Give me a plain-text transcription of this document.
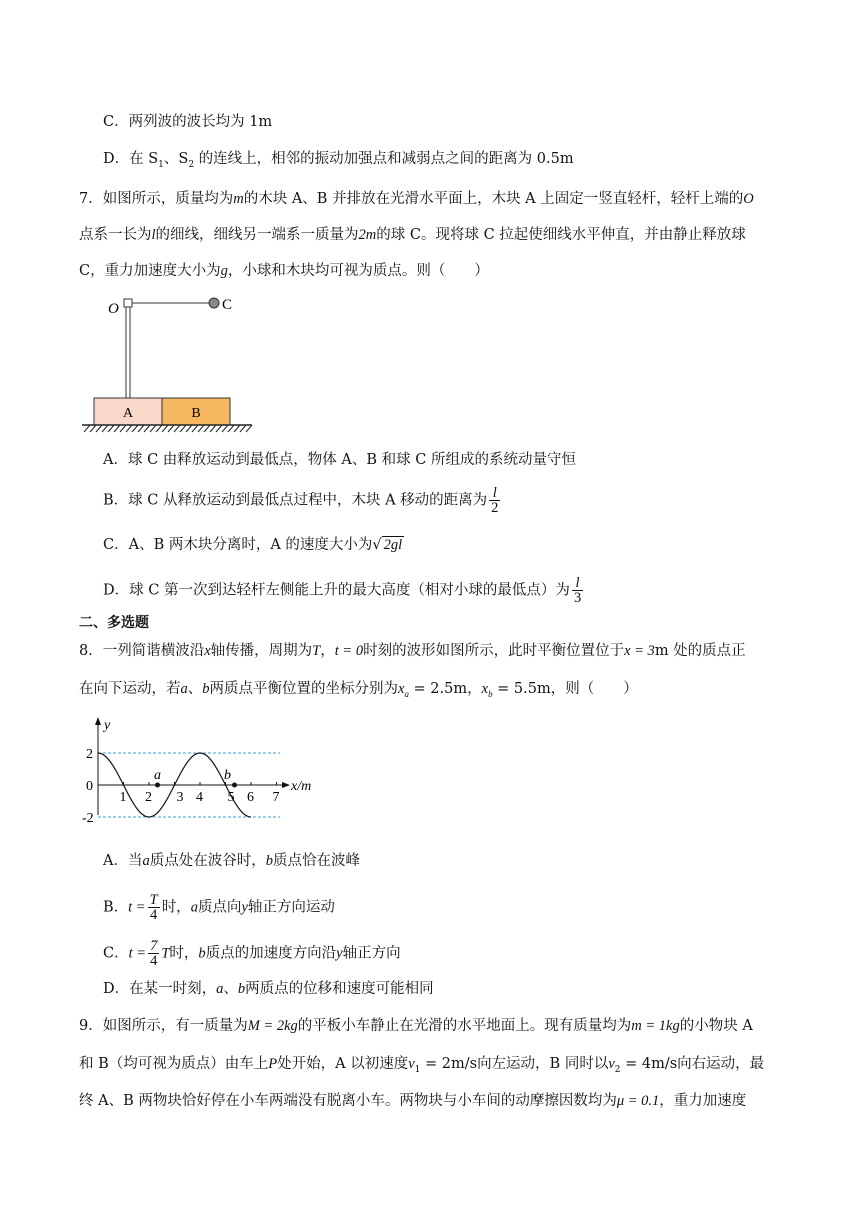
C．两列波的波长均为 1m
D．在 $S_1$、$S_2$ 的连线上，相邻的振动加强点和减弱点之间的距离为 0.5m
7．如图所示，质量均为m的木块 A、B 并排放在光滑水平面上，木块 A 上固定一竖直轻杆，轻杆上端的O
点系一长为l的细线，细线另一端系一质量为2m的球 C。现将球 C 拉起使细线水平伸直，并由静止释放球
C，重力加速度大小为g，小球和木块均可视为质点。则（　　）
A	B
O	C
A．球 C 由释放运动到最低点，物体 A、B 和球 C 所组成的系统动量守恒
B．球 C 从释放运动到最低点过程中，木块 A 移动的距离为 $\frac{l}{2}$
C．A、B 两木块分离时，A 的速度大小为√ 2gl
D．球 C 第一次到达轻杆左侧能上升的最大高度（相对小球的最低点）为 $\frac{l}{3}$
二、多选题
8．一列简谐横波沿x轴传播，周期为T，t = 0时刻的波形如图所示，此时平衡位置位于x = 3m 处的质点正
在向下运动，若a、b两质点平衡位置的坐标分别为$x_a = 2.5m$，$x_b = 5.5m$，则（　　）
y
x/m
2
0
-2
1 2 3 4 5 6 7
a	b
A．当a质点处在波谷时，b质点恰在波峰
B．$t = \frac{T}{4}$ 时，a质点向y轴正方向运动
C．$t = \frac{7}{4}$ T时，b质点的加速度方向沿y轴正方向
D．在某一时刻，a、b两质点的位移和速度可能相同
9．如图所示，有一质量为M = 2kg的平板小车静止在光滑的水平地面上。现有质量均为m = 1kg的小物块 A
和 B（均可视为质点）由车上P处开始，A 以初速度$v_1 = 2m/s$向左运动，B 同时以$v_2 = 4m/s$向右运动，最
终 A、B 两物块恰好停在小车两端没有脱离小车。两物块与小车间的动摩擦因数均为μ = 0.1，重力加速度
